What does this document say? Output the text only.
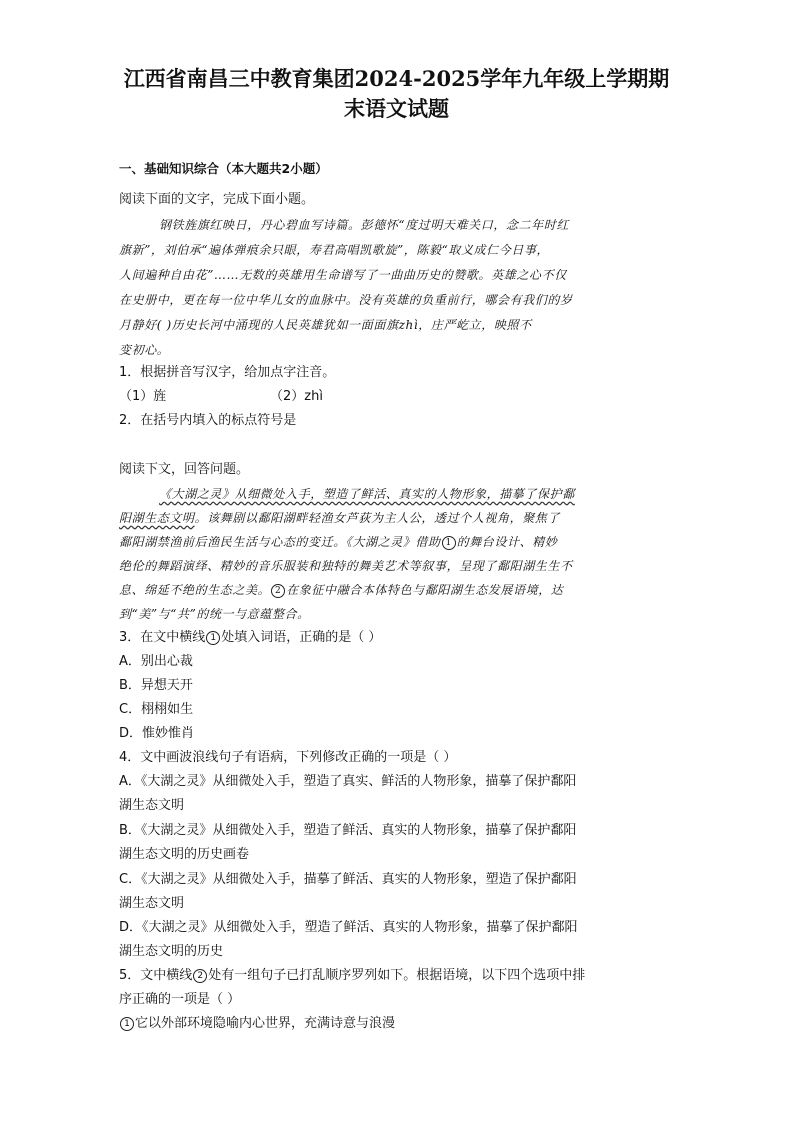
江西省南昌三中教育集团2024-2025学年九年级上学期期
末语文试题
一、基础知识综合（本大题共2小题）
阅读下面的文字，完成下面小题。
钢铁旌旗红映日，丹心碧血写诗篇。彭德怀“度过明天难关口，念二年时红
旗新”，刘伯承“遍体弹痕余只眼，寿君高唱凯歌旋”，陈毅“取义成仁今日事，
人间遍种自由花”……无数的英雄用生命谱写了一曲曲历史的赞歌。英雄之心不仅
在史册中，更在每一位中华儿女的血脉中。没有英雄的负重前行，哪会有我们的岁
月静好( )历史长河中涌现的人民英雄犹如一面面旗zhì，庄严屹立，映照不
变初心。
1．根据拼音写汉字，给加点字注音。
（1）旌	（2）zhì
2．在括号内填入的标点符号是
阅读下文，回答问题。
《大湖之灵》从细微处入手，塑造了鲜活、真实的人物形象，描摹了保护鄱
阳湖生态文明。该舞剧以鄱阳湖畔轻渔女芦荻为主人公，透过个人视角，聚焦了
鄱阳湖禁渔前后渔民生活与心态的变迁。《大湖之灵》借助 1 的舞台设计、精妙
绝伦的舞蹈演绎、精妙的音乐服装和独特的舞美艺术等叙事，呈现了鄱阳湖生生不
息、绵延不绝的生态之美。 2 在象征中融合本体特色与鄱阳湖生态发展语境，达
到“美”与“共”的统一与意蕴整合。
3．在文中横线 1 处填入词语，正确的是（ ）
A．别出心裁
B．异想天开
C．栩栩如生
D．惟妙惟肖
4．文中画波浪线句子有语病，下列修改正确的一项是（ ）
A．《大湖之灵》从细微处入手，塑造了真实、鲜活的人物形象，描摹了保护鄱阳
湖生态文明
B．《大湖之灵》从细微处入手，塑造了鲜活、真实的人物形象，描摹了保护鄱阳
湖生态文明的历史画卷
C．《大湖之灵》从细微处入手，描摹了鲜活、真实的人物形象，塑造了保护鄱阳
湖生态文明
D．《大湖之灵》从细微处入手，塑造了鲜活、真实的人物形象，描摹了保护鄱阳
湖生态文明的历史
5．文中横线 2 处有一组句子已打乱顺序罗列如下。根据语境，以下四个选项中排
序正确的一项是（ ）
1 它以外部环境隐喻内心世界，充满诗意与浪漫
